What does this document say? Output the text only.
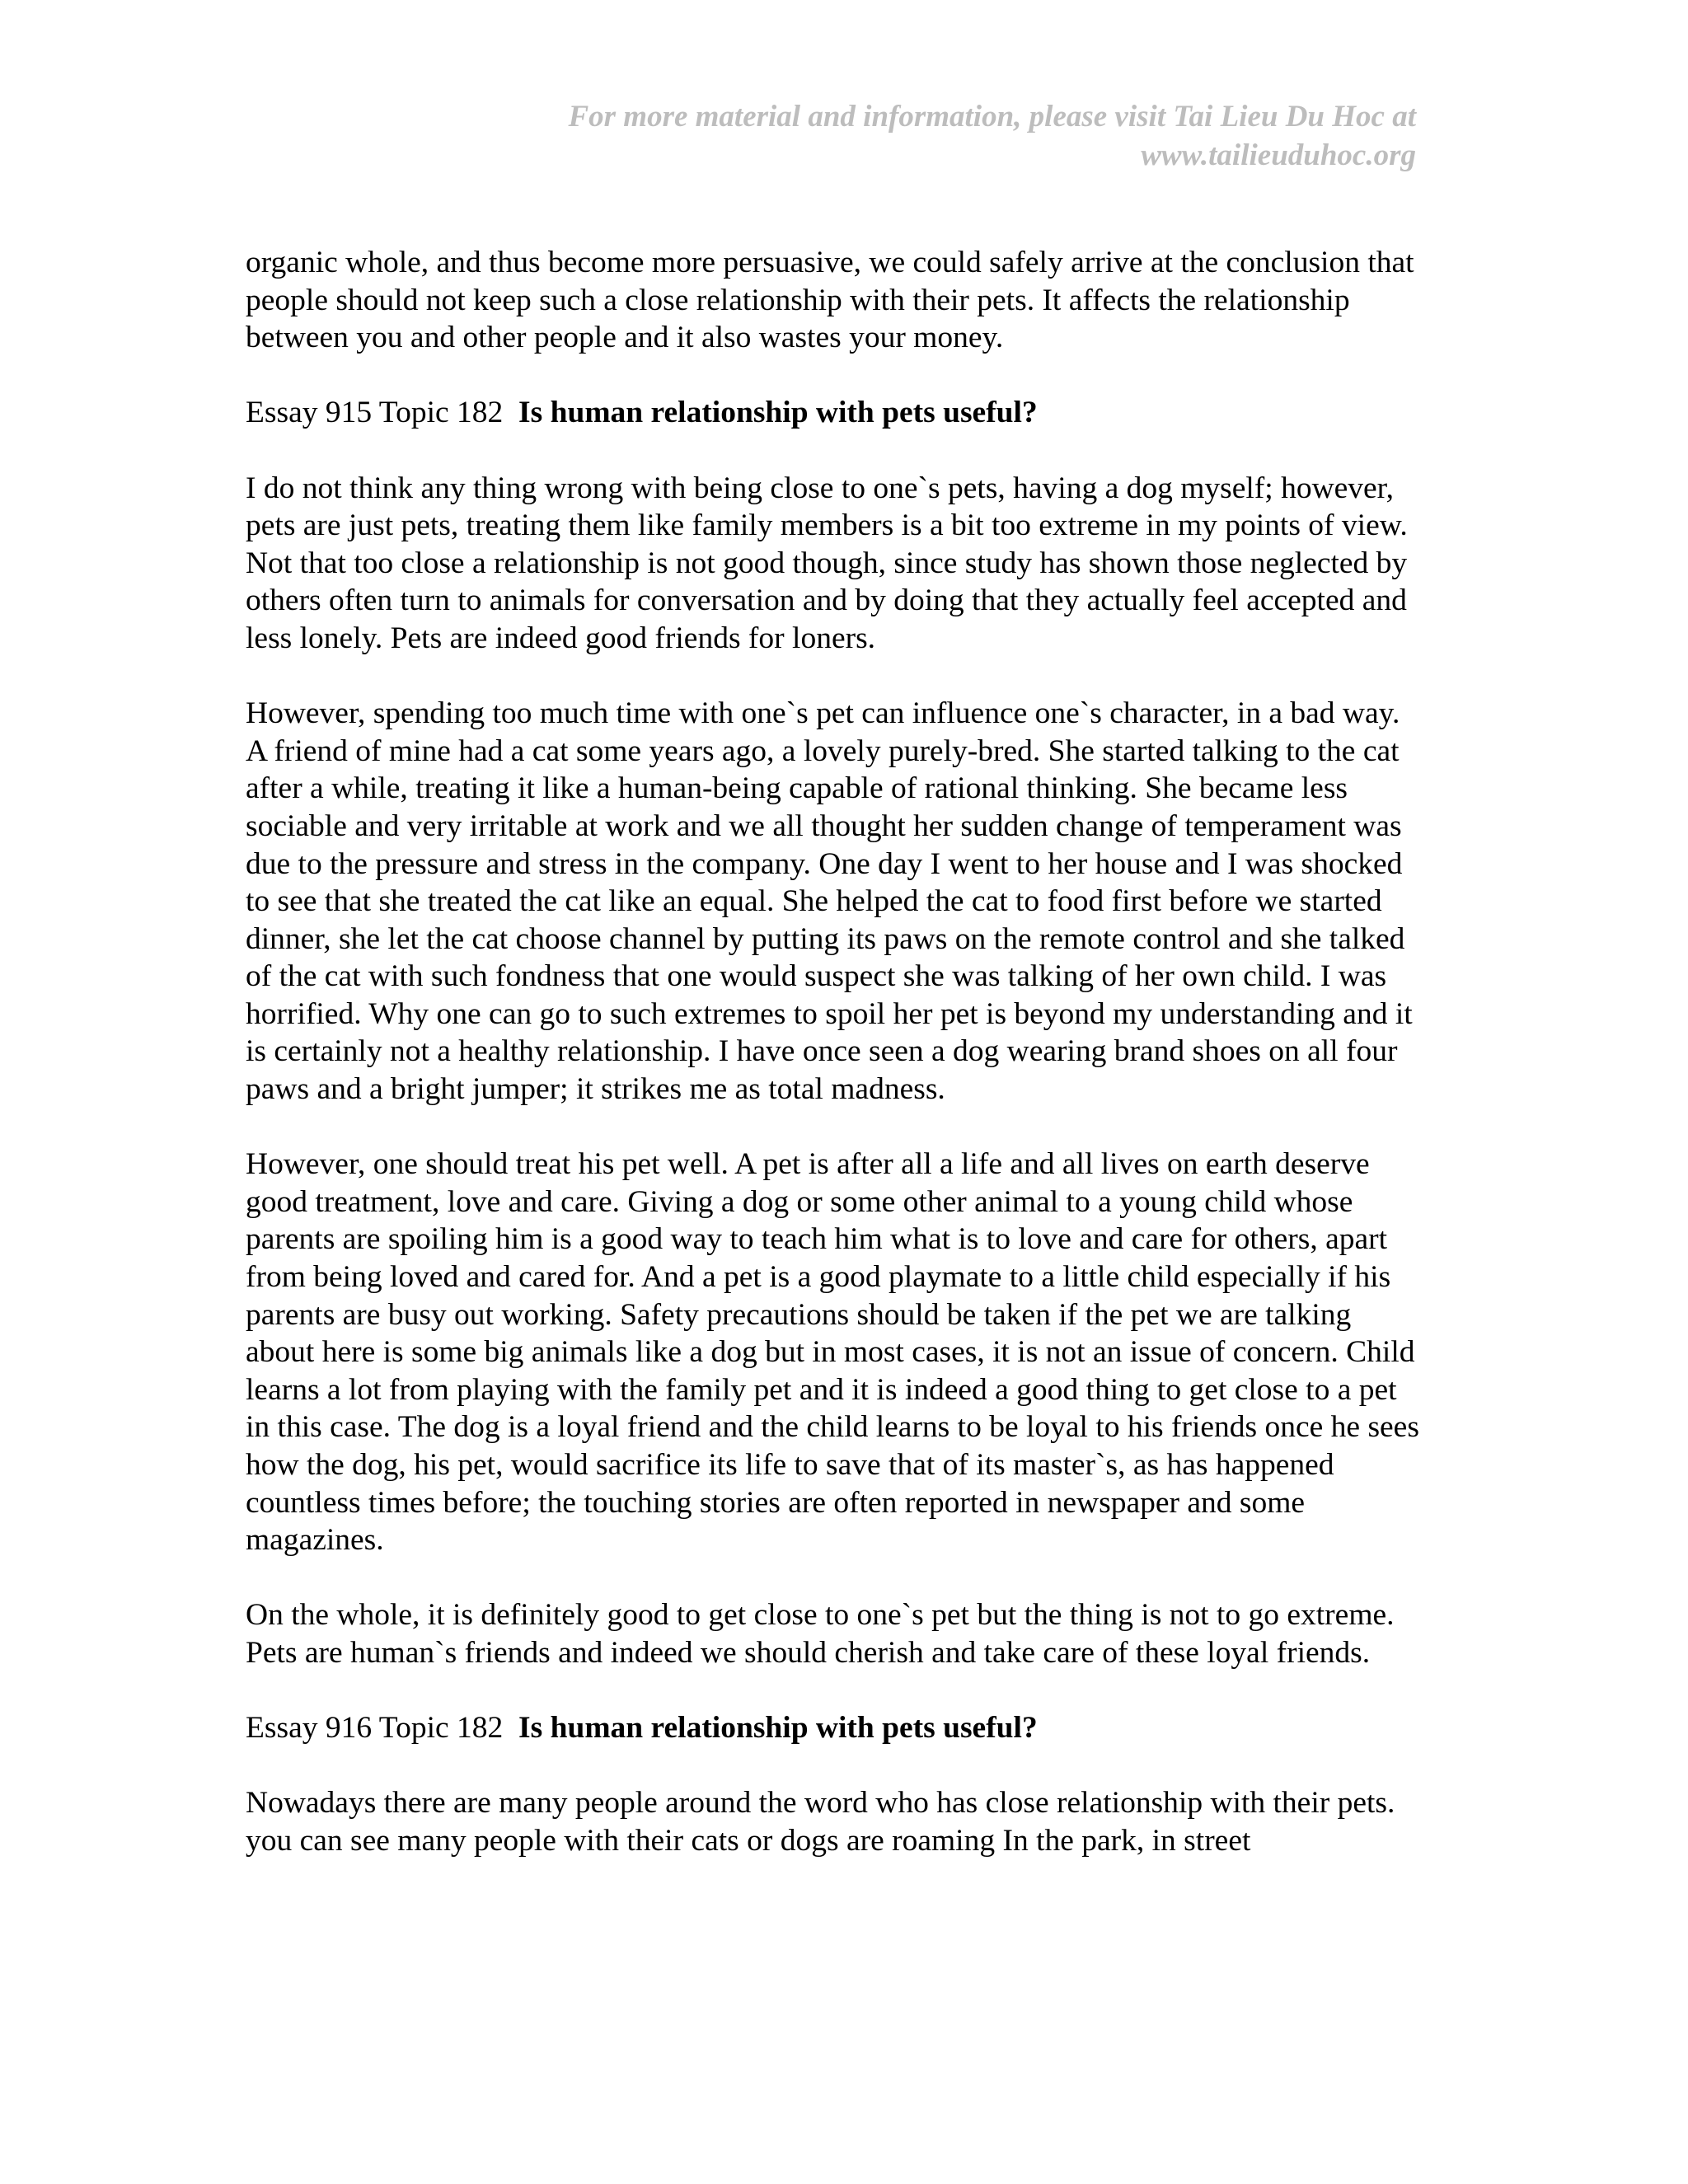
For more material and information, please visit Tai Lieu Du Hoc at
www.tailieuduhoc.org

organic whole, and thus become more persuasive, we could safely arrive at the conclusion that people should not keep such a close relationship with their pets. It affects the relationship between you and other people and it also wastes your money.

Essay 915 Topic 182 Is human relationship with pets useful?

I do not think any thing wrong with being close to one`s pets, having a dog myself; however, pets are just pets, treating them like family members is a bit too extreme in my points of view. Not that too close a relationship is not good though, since study has shown those neglected by others often turn to animals for conversation and by doing that they actually feel accepted and less lonely. Pets are indeed good friends for loners.

However, spending too much time with one`s pet can influence one`s character, in a bad way. A friend of mine had a cat some years ago, a lovely purely-bred. She started talking to the cat after a while, treating it like a human-being capable of rational thinking. She became less sociable and very irritable at work and we all thought her sudden change of temperament was due to the pressure and stress in the company. One day I went to her house and I was shocked to see that she treated the cat like an equal. She helped the cat to food first before we started dinner, she let the cat choose channel by putting its paws on the remote control and she talked of the cat with such fondness that one would suspect she was talking of her own child. I was horrified. Why one can go to such extremes to spoil her pet is beyond my understanding and it is certainly not a healthy relationship. I have once seen a dog wearing brand shoes on all four paws and a bright jumper; it strikes me as total madness.

However, one should treat his pet well. A pet is after all a life and all lives on earth deserve good treatment, love and care. Giving a dog or some other animal to a young child whose parents are spoiling him is a good way to teach him what is to love and care for others, apart from being loved and cared for. And a pet is a good playmate to a little child especially if his parents are busy out working. Safety precautions should be taken if the pet we are talking about here is some big animals like a dog but in most cases, it is not an issue of concern. Child learns a lot from playing with the family pet and it is indeed a good thing to get close to a pet in this case. The dog is a loyal friend and the child learns to be loyal to his friends once he sees how the dog, his pet, would sacrifice its life to save that of its master`s, as has happened countless times before; the touching stories are often reported in newspaper and some magazines.

On the whole, it is definitely good to get close to one`s pet but the thing is not to go extreme. Pets are human`s friends and indeed we should cherish and take care of these loyal friends.

Essay 916 Topic 182 Is human relationship with pets useful?

Nowadays there are many people around the word who has close relationship with their pets. you can see many people with their cats or dogs are roaming In the park, in street
